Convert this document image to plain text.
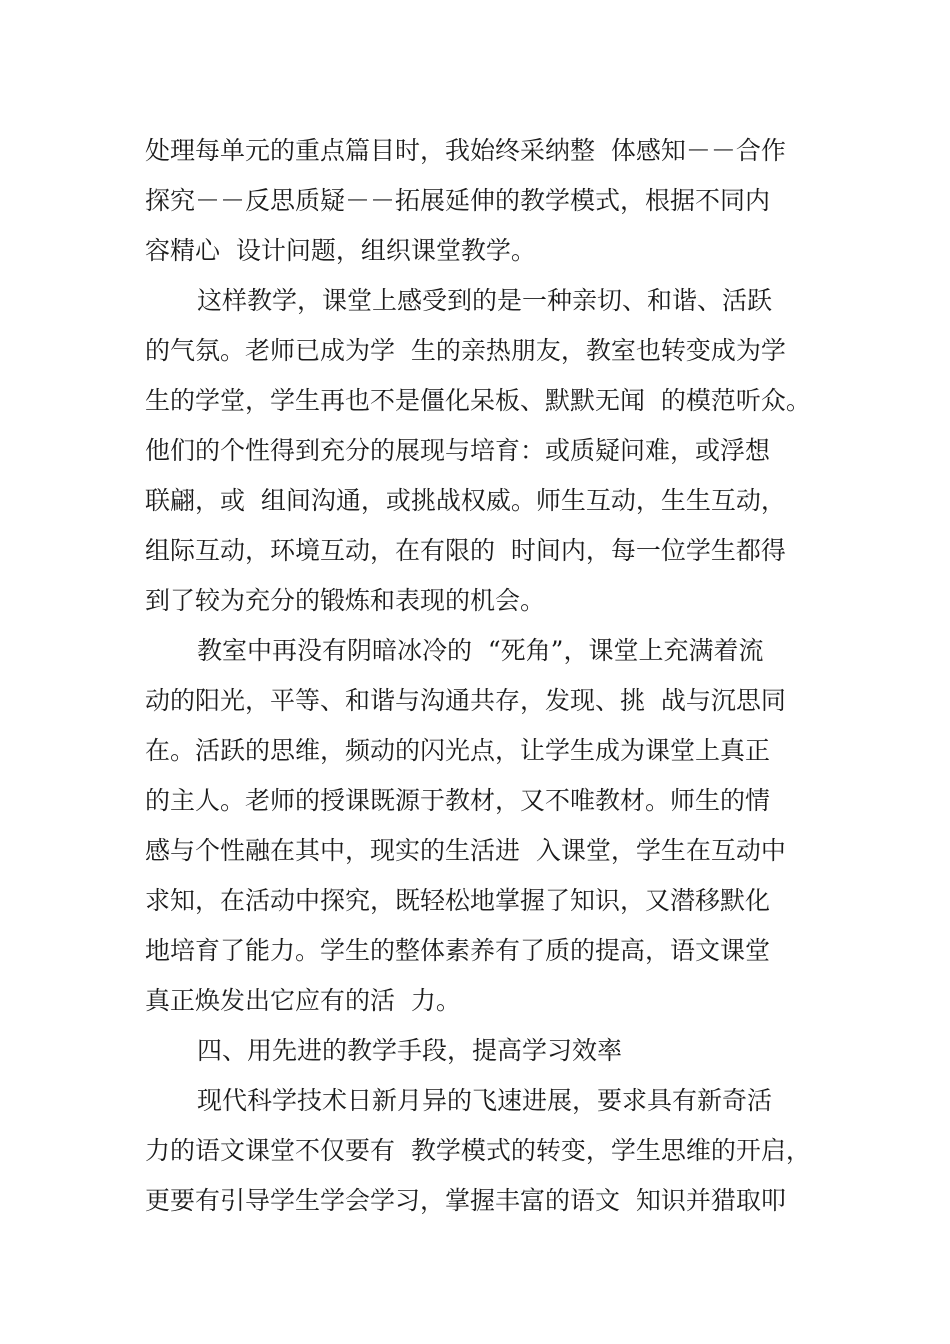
处理每单元的重点篇目时，我始终采纳整  体感知－－合作
探究－－反思质疑－－拓展延伸的教学模式，根据不同内
容精心  设计问题，组织课堂教学。
这样教学，课堂上感受到的是一种亲切、和谐、活跃
的气氛。老师已成为学  生的亲热朋友，教室也转变成为学
生的学堂，学生再也不是僵化呆板、默默无闻  的模范听众。
他们的个性得到充分的展现与培育：或质疑问难，或浮想
联翩，或  组间沟通，或挑战权威。师生互动，生生互动，
组际互动，环境互动，在有限的  时间内，每一位学生都得
到了较为充分的锻炼和表现的机会。
教室中再没有阴暗冰冷的  “死角”，课堂上充满着流
动的阳光，平等、和谐与沟通共存，发现、挑  战与沉思同
在。活跃的思维，频动的闪光点，让学生成为课堂上真正
的主人。老师的授课既源于教材，又不唯教材。师生的情
感与个性融在其中，现实的生活进  入课堂，学生在互动中
求知，在活动中探究，既轻松地掌握了知识，又潜移默化
地培育了能力。学生的整体素养有了质的提高，语文课堂
真正焕发出它应有的活  力。
四、用先进的教学手段，提高学习效率
现代科学技术日新月异的飞速进展，要求具有新奇活
力的语文课堂不仅要有  教学模式的转变，学生思维的开启，
更要有引导学生学会学习，掌握丰富的语文  知识并猎取叩
